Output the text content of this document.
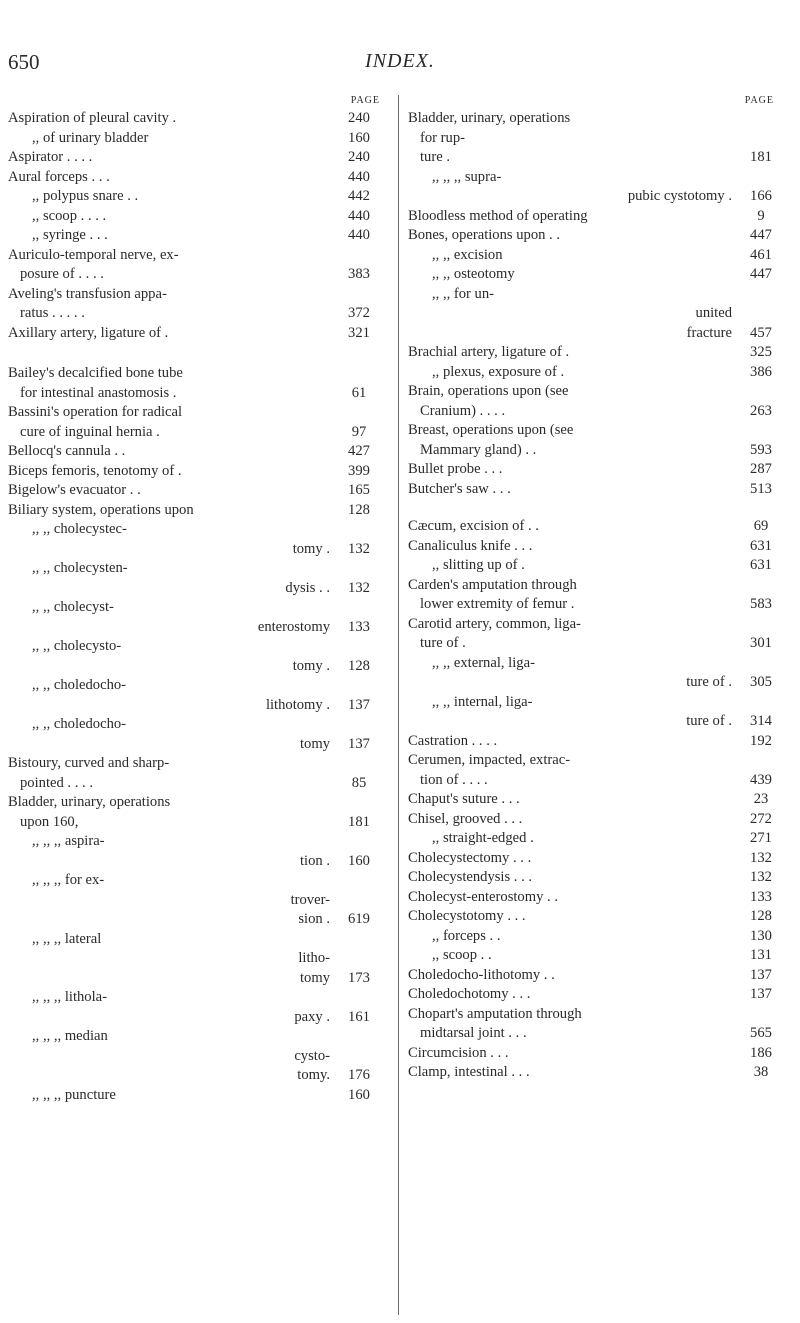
650	INDEX.
PAGE
Aspiration of pleural cavity .	240
,, of urinary bladder	160
Aspirator . . . .	240
Aural forceps . . .	440
,, polypus snare . .	442
,, scoop . . . .	440
,, syringe . . .	440
Auriculo-temporal nerve, ex-
posure of . . . .	383
Aveling's transfusion appa-
ratus . . . . .	372
Axillary artery, ligature of .	321
Bailey's decalcified bone tube
for intestinal anastomosis .	61
Bassini's operation for radical
cure of inguinal hernia .	97
Bellocq's cannula . .	427
Biceps femoris, tenotomy of .	399
Bigelow's evacuator . .	165
Biliary system, operations upon	128
,, ,, cholecystec-
tomy .	132
,, ,, cholecysten-
dysis . .	132
,, ,, cholecyst-
enterostomy	133
,, ,, cholecysto-
tomy .	128
,, ,, choledocho-
lithotomy .	137
,, ,, choledocho-
tomy	137
Bistoury, curved and sharp-
pointed . . . .	85
Bladder, urinary, operations
upon 160,	181
,, ,, ,, aspira-
tion .	160
,, ,, ,, for ex-
trover-
sion .	619
,, ,, ,, lateral
litho-
tomy	173
,, ,, ,, lithola-
paxy .	161
,, ,, ,, median
cysto-
tomy.	176
,, ,, ,, puncture	160
PAGE
Bladder, urinary, operations
for rup-
ture .	181
,, ,, ,, supra-
pubic cystotomy .	166
Bloodless method of operating	9
Bones, operations upon . .	447
,, ,, excision	461
,, ,, osteotomy	447
,, ,, for un-
united
fracture	457
Brachial artery, ligature of .	325
,, plexus, exposure of .	386
Brain, operations upon (see
Cranium) . . . .	263
Breast, operations upon (see
Mammary gland) . .	593
Bullet probe . . .	287
Butcher's saw . . .	513
Cæcum, excision of . .	69
Canaliculus knife . . .	631
,, slitting up of .	631
Carden's amputation through
lower extremity of femur .	583
Carotid artery, common, liga-
ture of .	301
,, ,, external, liga-
ture of .	305
,, ,, internal, liga-
ture of .	314
Castration . . . .	192
Cerumen, impacted, extrac-
tion of . . . .	439
Chaput's suture . . .	23
Chisel, grooved . . .	272
,, straight-edged .	271
Cholecystectomy . . .	132
Cholecystendysis . . .	132
Cholecyst-enterostomy . .	133
Cholecystotomy . . .	128
,, forceps . .	130
,, scoop . .	131
Choledocho-lithotomy . .	137
Choledochotomy . . .	137
Chopart's amputation through
midtarsal joint . . .	565
Circumcision . . .	186
Clamp, intestinal . . .	38
